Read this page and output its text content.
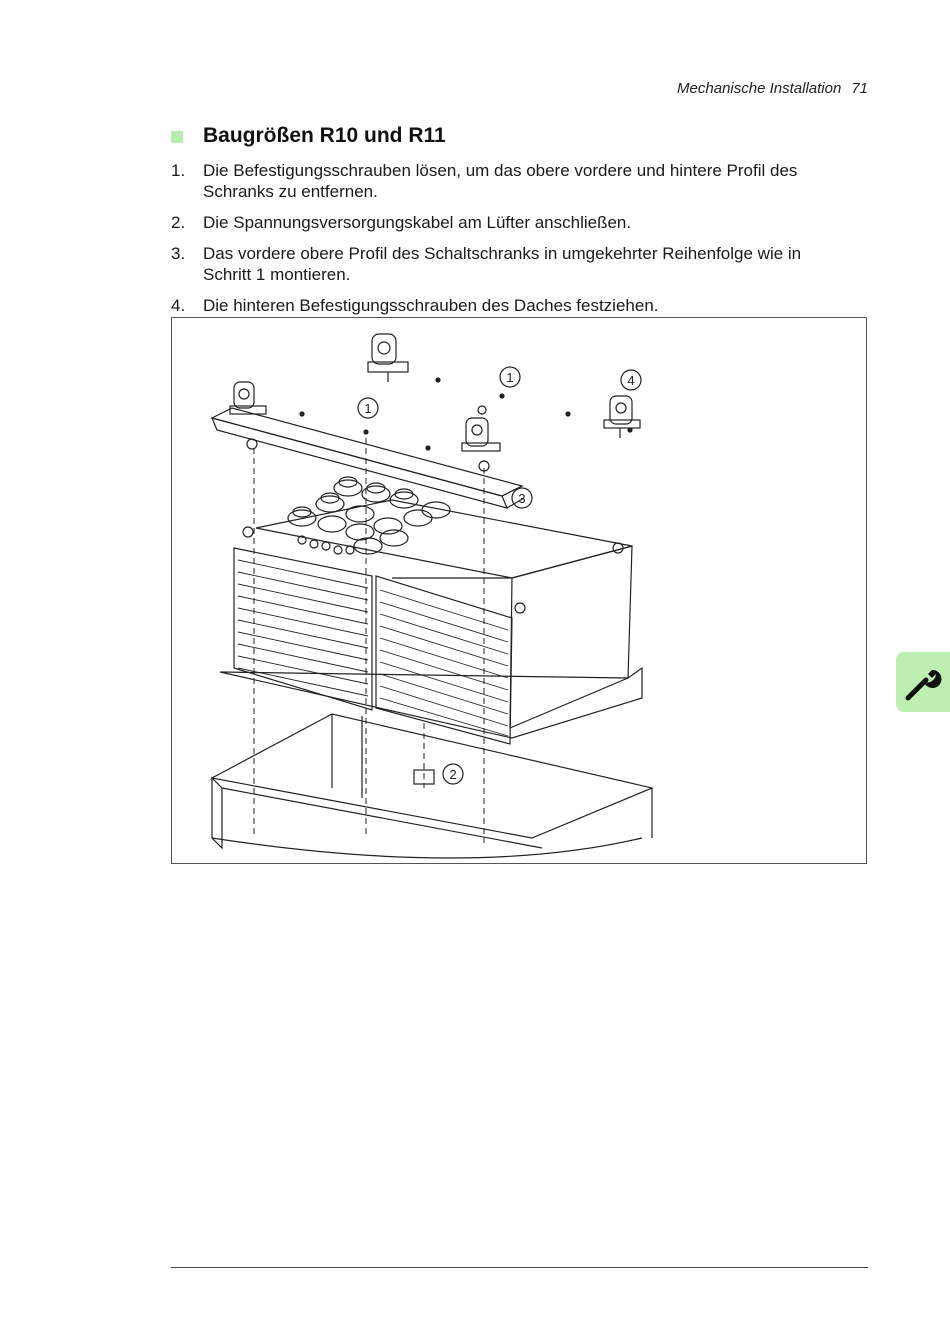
Mechanische Installation 71
Baugrößen R10 und R11
1.	Die Befestigungsschrauben lösen, um das obere vordere und hintere Profil des Schranks zu entfernen.
2.	Die Spannungsversorgungskabel am Lüfter anschließen.
3.	Das vordere obere Profil des Schaltschranks in umgekehrter Reihenfolge wie in Schritt 1 montieren.
4.	Die hinteren Befestigungsschrauben des Daches festziehen.
1
1
4
3
2
